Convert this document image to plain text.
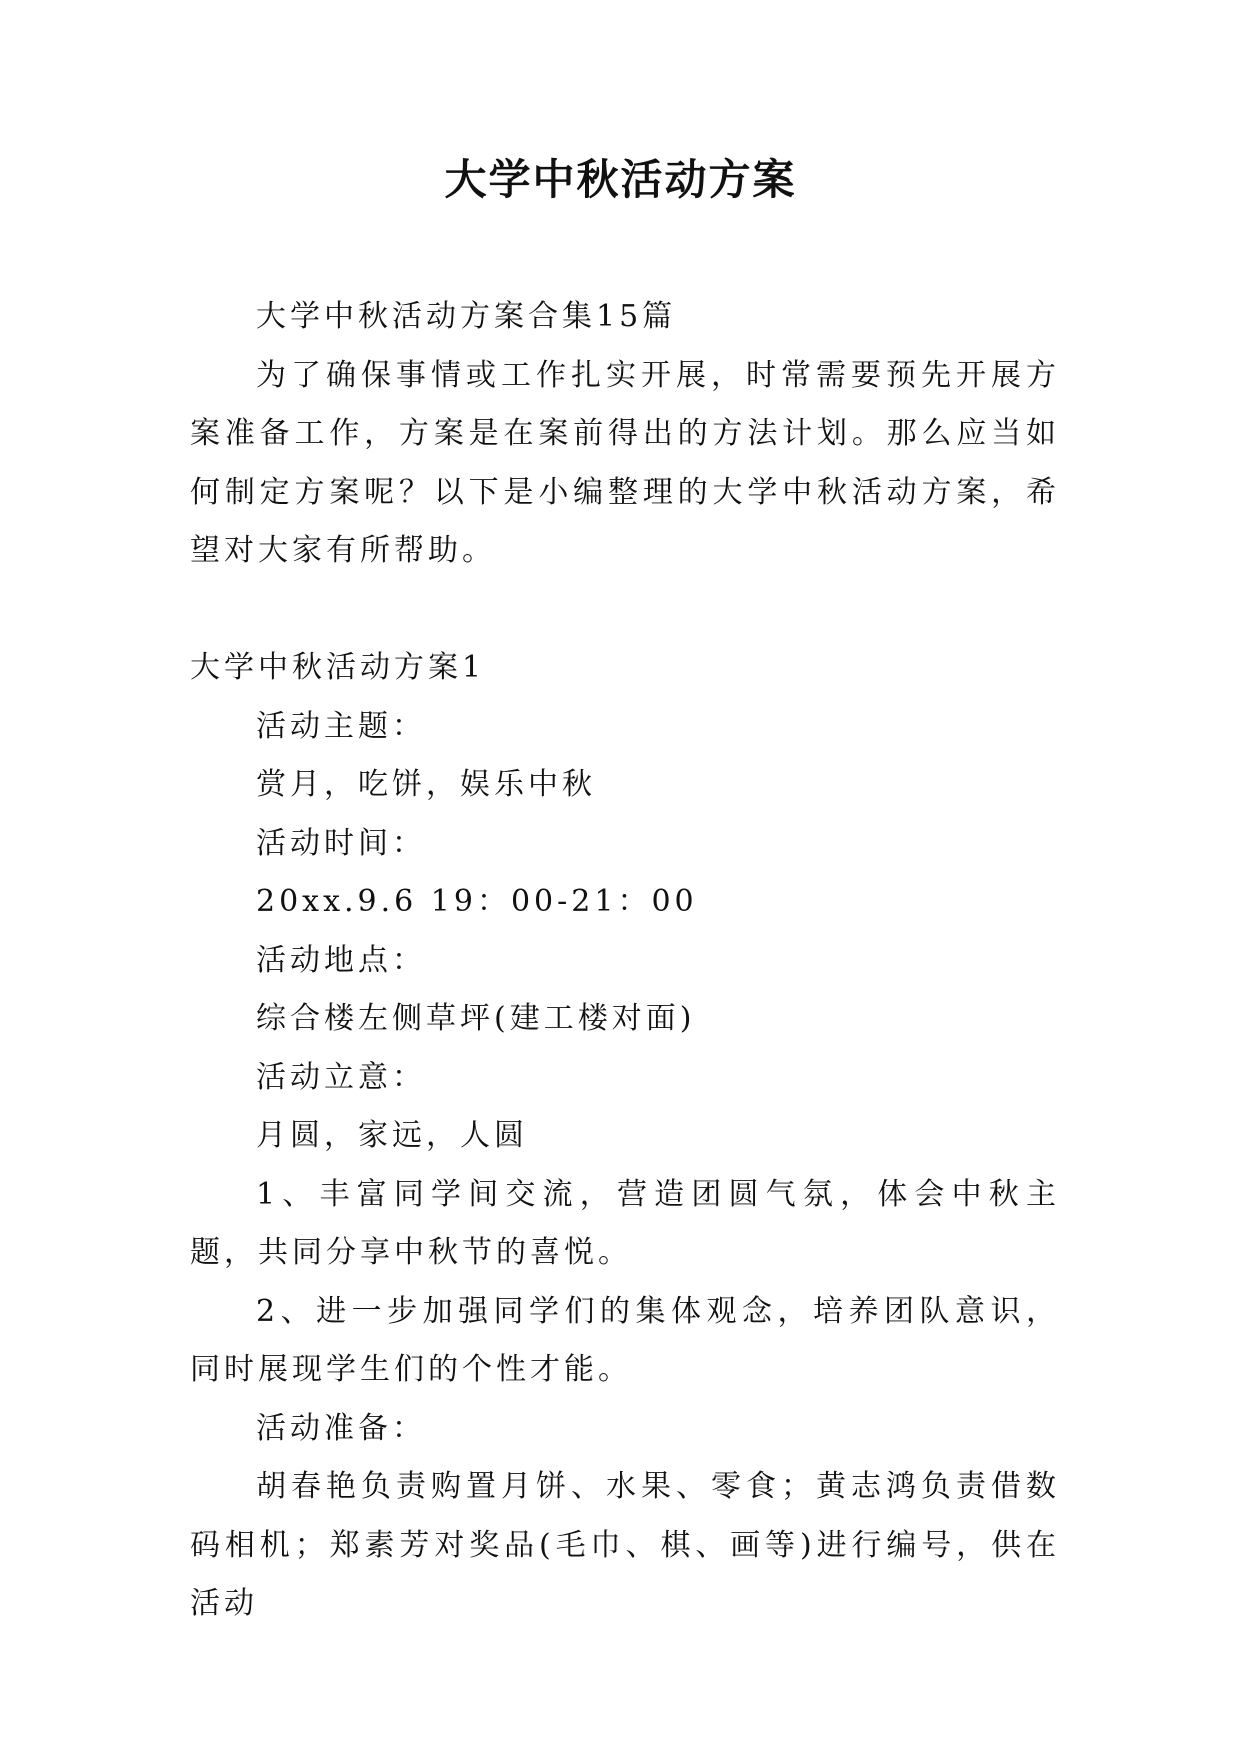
大学中秋活动方案

大学中秋活动方案合集15篇

为了确保事情或工作扎实开展，时常需要预先开展方案准备工作，方案是在案前得出的方法计划。那么应当如何制定方案呢？以下是小编整理的大学中秋活动方案，希望对大家有所帮助。

大学中秋活动方案1

活动主题：

赏月，吃饼，娱乐中秋

活动时间：

20xx.9.6 19：00-21：00

活动地点：

综合楼左侧草坪(建工楼对面)

活动立意：

月圆，家远，人圆

1、丰富同学间交流，营造团圆气氛，体会中秋主题，共同分享中秋节的喜悦。

2、进一步加强同学们的集体观念，培养团队意识，同时展现学生们的个性才能。

活动准备：

胡春艳负责购置月饼、水果、零食；黄志鸿负责借数码相机；郑素芳对奖品(毛巾、棋、画等)进行编号，供在活动
